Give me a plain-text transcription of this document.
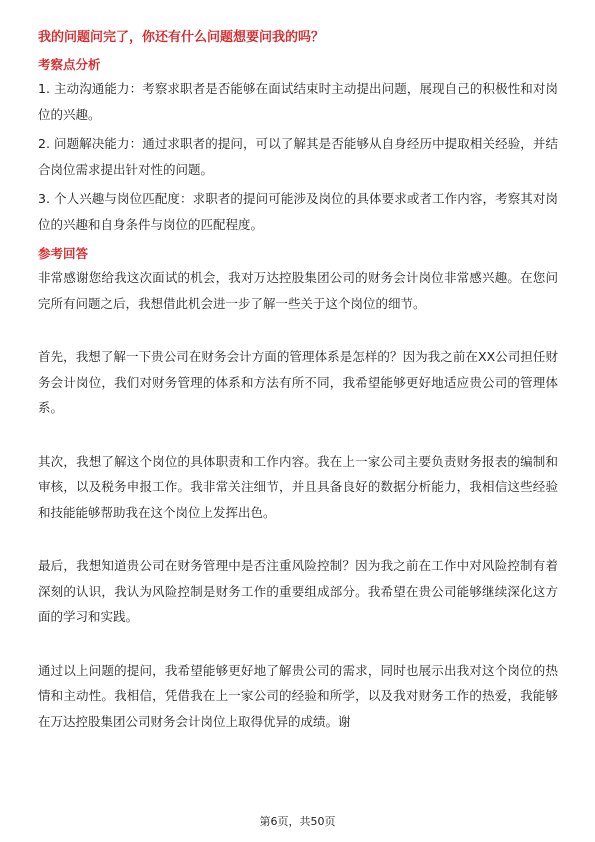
我的问题问完了，你还有什么问题想要问我的吗？

考察点分析

1. 主动沟通能力：考察求职者是否能够在面试结束时主动提出问题，展现自己的积极性和对岗位的兴趣。

2. 问题解决能力：通过求职者的提问，可以了解其是否能够从自身经历中提取相关经验，并结合岗位需求提出针对性的问题。

3. 个人兴趣与岗位匹配度：求职者的提问可能涉及岗位的具体要求或者工作内容，考察其对岗位的兴趣和自身条件与岗位的匹配程度。

参考回答

非常感谢您给我这次面试的机会，我对万达控股集团公司的财务会计岗位非常感兴趣。在您问完所有问题之后，我想借此机会进一步了解一些关于这个岗位的细节。

首先，我想了解一下贵公司在财务会计方面的管理体系是怎样的？因为我之前在XX公司担任财务会计岗位，我们对财务管理的体系和方法有所不同，我希望能够更好地适应贵公司的管理体系。

其次，我想了解这个岗位的具体职责和工作内容。我在上一家公司主要负责财务报表的编制和审核，以及税务申报工作。我非常关注细节，并且具备良好的数据分析能力，我相信这些经验和技能能够帮助我在这个岗位上发挥出色。

最后，我想知道贵公司在财务管理中是否注重风险控制？因为我之前在工作中对风险控制有着深刻的认识，我认为风险控制是财务工作的重要组成部分。我希望在贵公司能够继续深化这方面的学习和实践。

通过以上问题的提问，我希望能够更好地了解贵公司的需求，同时也展示出我对这个岗位的热情和主动性。我相信，凭借我在上一家公司的经验和所学，以及我对财务工作的热爱，我能够在万达控股集团公司财务会计岗位上取得优异的成绩。谢

第6页，共50页
